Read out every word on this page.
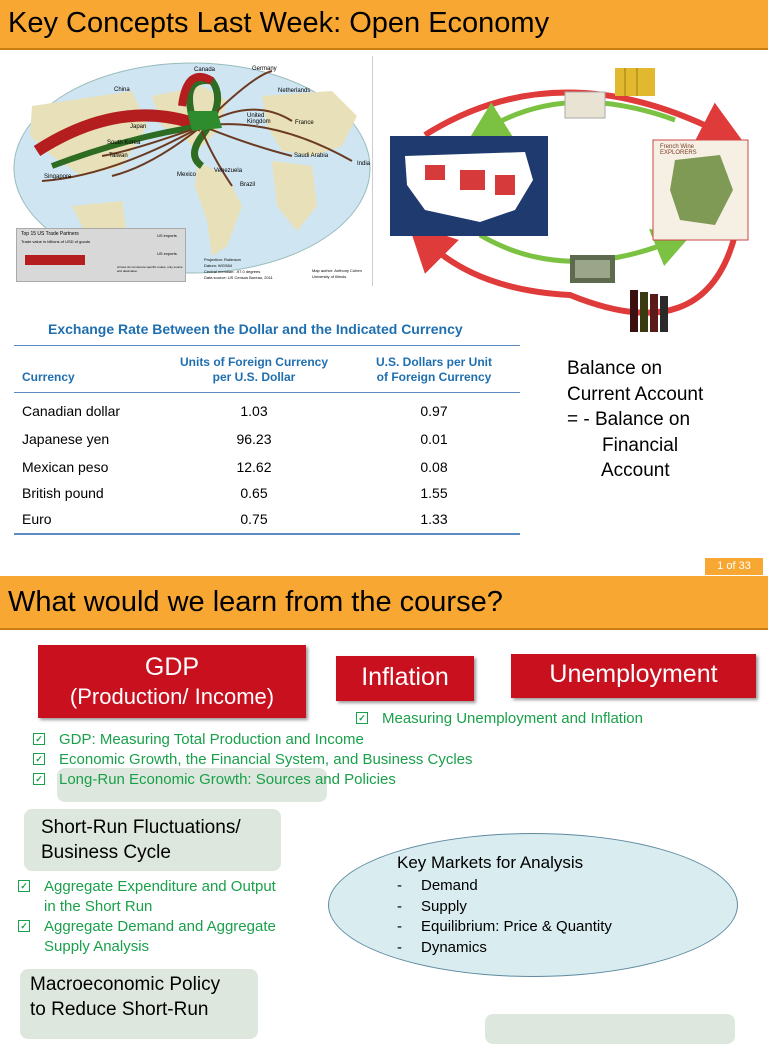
Key Concepts Last Week: Open Economy
Canada	Germany
China	Netherlands
Japan
United Kingdom	France
South Korea
Taiwan
Singapore	Mexico
Venezuela
Brazil
Saudi Arabia
India
Top 15 US Trade Partners
Trade value in billions of USD of goods
US imports
US exports
Arrows do not denote specific routes, only source and destination
Projection: Robinson
Datum: WGS84
Central meridian: -97.0 degrees
Data source: US Census Bureau, 2011
Map author: Anthony Cohen
University of Illinois
French Wine EXPLORERS
Exchange Rate Between the Dollar and the Indicated Currency
Currency
Units of Foreign Currency
per U.S. Dollar
U.S. Dollars per Unit
of Foreign Currency
Canadian dollar	1.03	0.97
Japanese yen	96.23	0.01
Mexican peso	12.62	0.08
British pound	0.65	1.55
Euro	0.75	1.33
Balance on
Current Account
= - Balance on
Financial
Account
1 of 33
What would we learn from the course?
GDP
(Production/ Income)
Inflation	Unemployment
✓ Measuring Unemployment and Inflation
✓ GDP: Measuring Total Production and Income
✓ Economic Growth, the Financial System, and Business Cycles
✓ Long-Run Economic Growth: Sources and Policies
Short-Run Fluctuations/
Business Cycle
✓ Aggregate Expenditure and Output
in the Short Run
✓ Aggregate Demand and Aggregate
Supply Analysis
Key Markets for Analysis
- Demand
- Supply
- Equilibrium: Price & Quantity
- Dynamics
Macroeconomic Policy
to Reduce Short-Run
